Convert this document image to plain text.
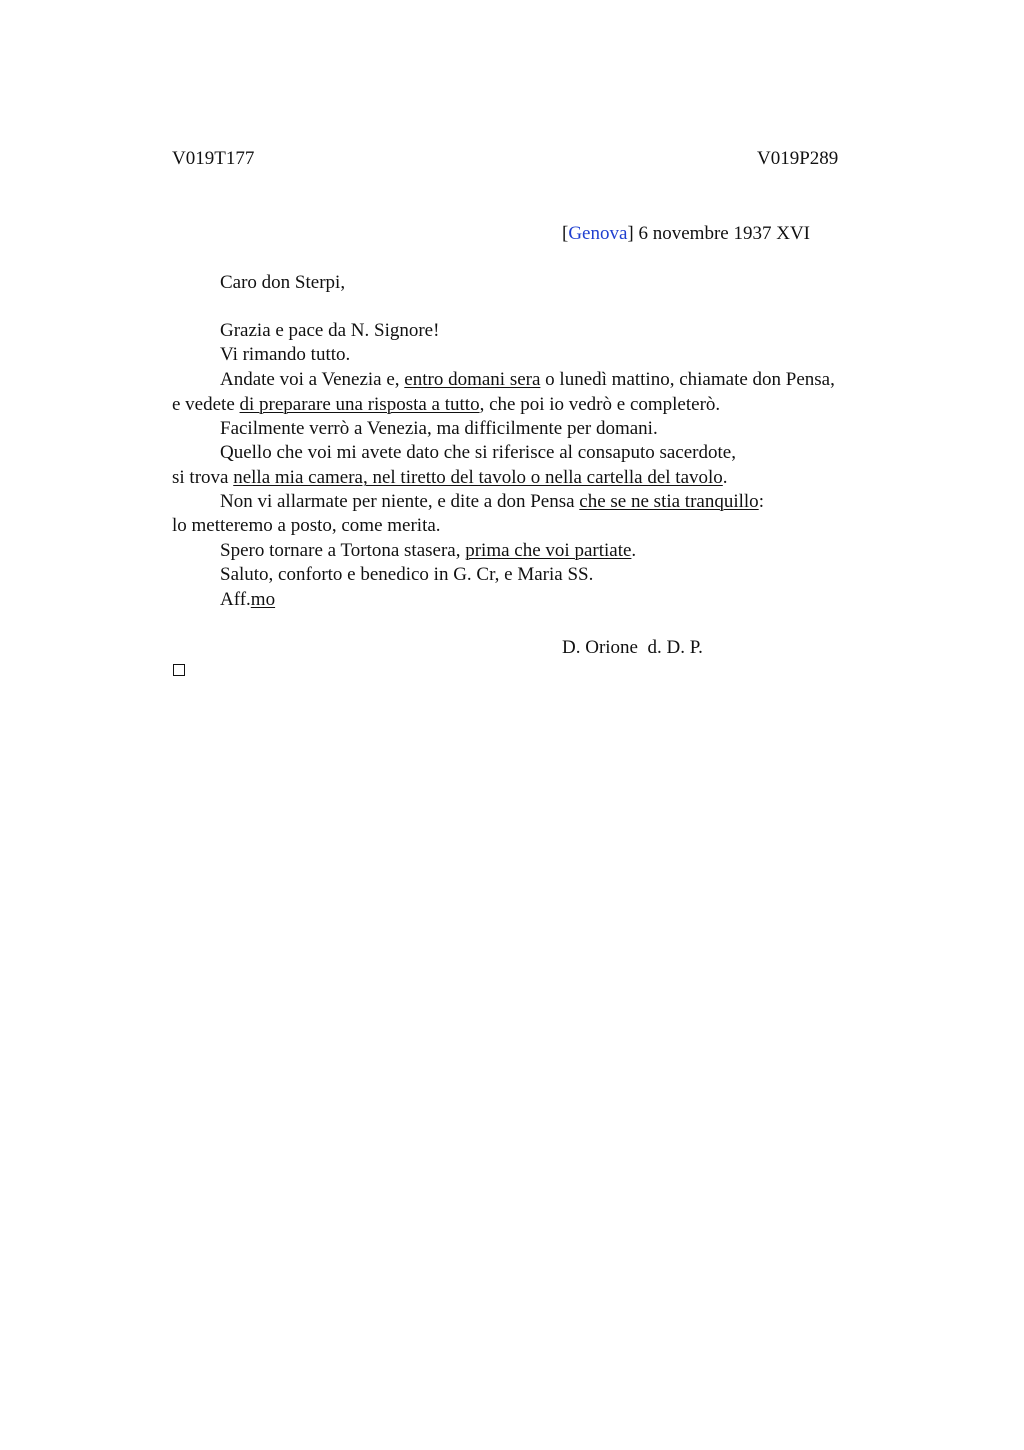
V019T177	V019P289
[Genova] 6 novembre 1937 XVI
Caro don Sterpi,
Grazia e pace da N. Signore!
Vi rimando tutto.
Andate voi a Venezia e, entro domani sera o lunedì mattino, chiamate don Pensa,
e vedete di preparare una risposta a tutto, che poi io vedrò e completerò.
Facilmente verrò a Venezia, ma difficilmente per domani.
Quello che voi mi avete dato che si riferisce al consaputo sacerdote,
si trova nella mia camera, nel tiretto del tavolo o nella cartella del tavolo.
Non vi allarmate per niente, e dite a don Pensa che se ne stia tranquillo:
lo metteremo a posto, come merita.
Spero tornare a Tortona stasera, prima che voi partiate.
Saluto, conforto e benedico in G. Cr, e Maria SS.
Aff.mo
D. Orione  d. D. P.
